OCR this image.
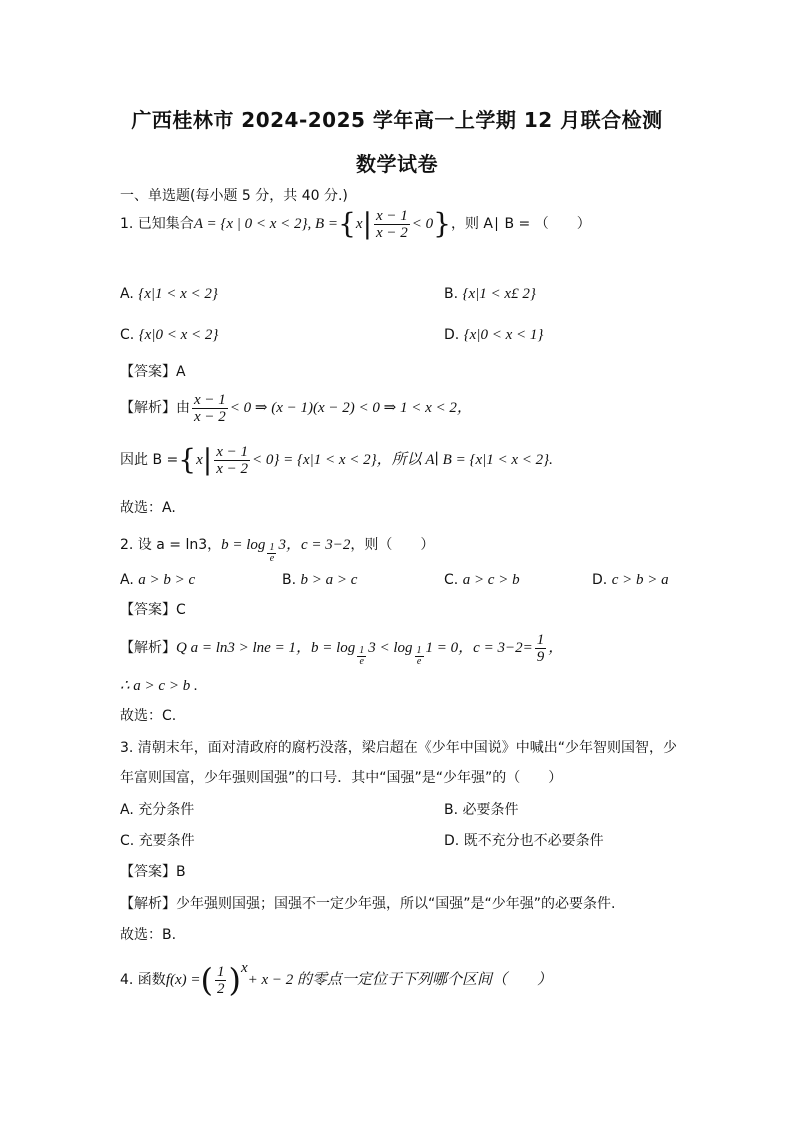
广西桂林市 2024-2025 学年高一上学期 12 月联合检测
数学试卷
一、单选题(每小题 5 分，共 40 分.)
1. 已知集合 A = {x | 0 < x < 2} , B = { x | $\frac{x - 1}{x - 2} < 0$ } ，则 A∣ B = （　　）
A. {x|1 < x < 2}	B. {x|1 < x£ 2}
C. {x|0 < x < 2}	D. {x|0 < x < 1}
【答案】A
【解析】由 $\frac{x - 1}{x - 2} < 0$ ⇒ (x − 1)(x − 2) < 0 ⇒ 1 < x < 2，
因此 B = { x | $\frac{x - 1}{x - 2} < 0\} = \{x|1 < x < 2\}$，所以 A∣ B = {x|1 < x < 2}.
故选：A.
2. 设 a = ln3， $b = \log \frac{1}{e} 3$ ，c = 3 −2 ，则（　　）
A. a > b > c	B. b > a > c	C. a > c > b	D. c > b > a
【答案】C
【解析】 Q a = ln3 > lne = 1， $b = \log \frac{1}{e} 3 < \log \frac{1}{e} 1 = 0$， $c = 3 -2 = \frac{1}{9}$ ，
∴ a > c > b .
故选：C.
3. 清朝末年，面对清政府的腐朽没落，梁启超在《少年中国说》中喊出“少年智则国智，少
年富则国富，少年强则国强”的口号．其中“国强”是“少年强”的（　　）
A. 充分条件	B. 必要条件
C. 充要条件	D. 既不充分也不必要条件
【答案】B
【解析】少年强则国强；国强不一定少年强，所以“国强”是“少年强”的必要条件.
故选：B.
4. 函数 f(x) = ( $\frac{1}{2}$ ) x
+ x − 2 的零点一定位于下列哪个区间（　　）
